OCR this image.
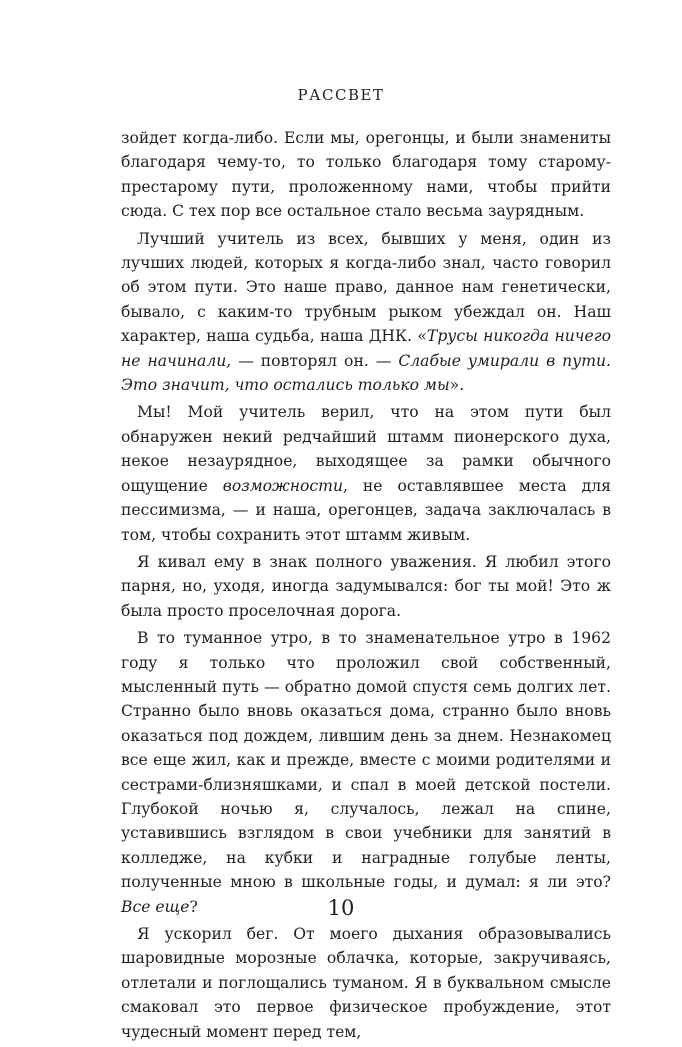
РАССВЕТ

зойдет когда-либо. Если мы, орегонцы, и были знамениты благодаря чему-то, то только благодаря тому старому-престарому пути, проложенному нами, чтобы прийти сюда. С тех пор все остальное стало весьма заурядным.

Лучший учитель из всех, бывших у меня, один из лучших людей, которых я когда-либо знал, часто говорил об этом пути. Это наше право, данное нам генетически, бывало, с каким-то трубным рыком убеждал он. Наш характер, наша судьба, наша ДНК. «Трусы никогда ничего не начинали, — повторял он. — Слабые умирали в пути. Это значит, что остались только мы».

Мы! Мой учитель верил, что на этом пути был обнаружен некий редчайший штамм пионерского духа, некое незаурядное, выходящее за рамки обычного ощущение возможности, не оставлявшее места для пессимизма, — и наша, орегонцев, задача заключалась в том, чтобы сохранить этот штамм живым.

Я кивал ему в знак полного уважения. Я любил этого парня, но, уходя, иногда задумывался: бог ты мой! Это ж была просто проселочная дорога.

В то туманное утро, в то знаменательное утро в 1962 году я только что проложил свой собственный, мысленный путь — обратно домой спустя семь долгих лет. Странно было вновь оказаться дома, странно было вновь оказаться под дождем, лившим день за днем. Незнакомец все еще жил, как и прежде, вместе с моими родителями и сестрами-близняшками, и спал в моей детской постели. Глубокой ночью я, случалось, лежал на спине, уставившись взглядом в свои учебники для занятий в колледже, на кубки и наградные голубые ленты, полученные мною в школьные годы, и думал: я ли это? Все еще?

Я ускорил бег. От моего дыхания образовывались шаровидные морозные облачка, которые, закручиваясь, отлетали и поглощались туманом. Я в буквальном смысле смаковал это первое физическое пробуждение, этот чудесный момент перед тем,

10
